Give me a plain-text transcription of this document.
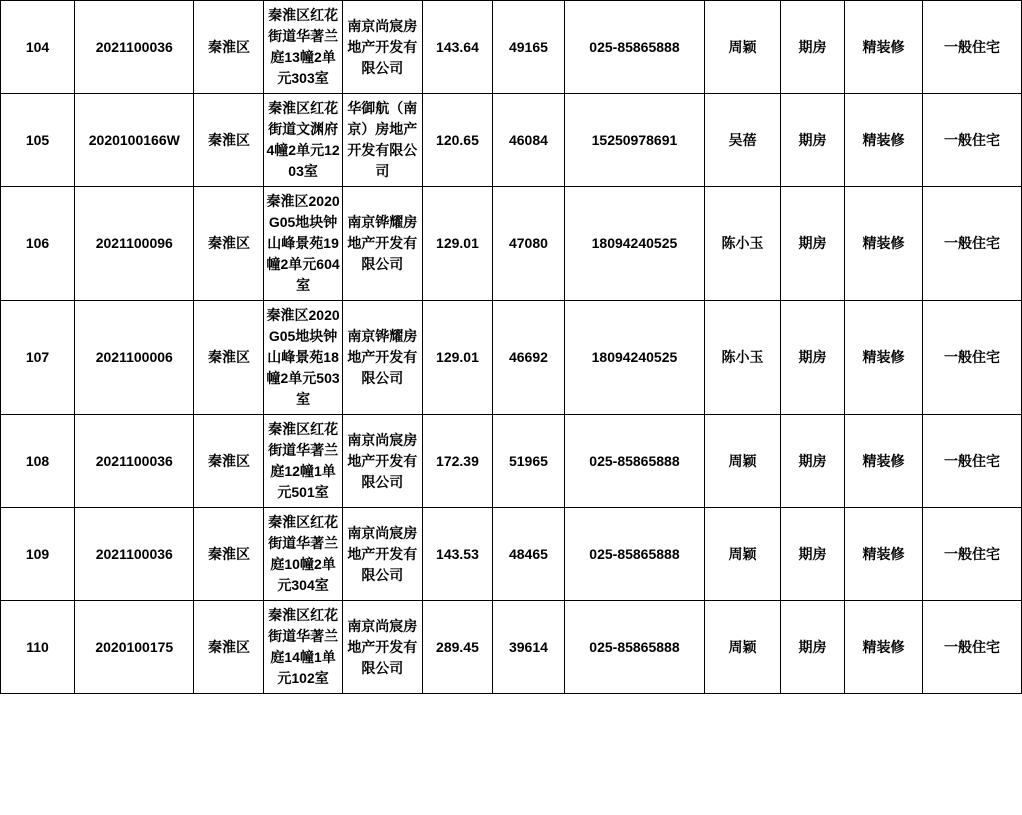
104	2021100036	秦淮区	秦淮区红花街道华著兰庭13幢2单元303室	南京尚宸房地产开发有限公司	143.64	49165	025-85865888	周颖	期房	精装修	一般住宅
105	2020100166W	秦淮区	秦淮区红花街道文渊府4幢2单元1203室	华御航（南京）房地产开发有限公司	120.65	46084	15250978691	吴蓓	期房	精装修	一般住宅
106	2021100096	秦淮区	秦淮区2020G05地块钟山峰景苑19幢2单元604室	南京铧耀房地产开发有限公司	129.01	47080	18094240525	陈小玉	期房	精装修	一般住宅
107	2021100006	秦淮区	秦淮区2020G05地块钟山峰景苑18幢2单元503室	南京铧耀房地产开发有限公司	129.01	46692	18094240525	陈小玉	期房	精装修	一般住宅
108	2021100036	秦淮区	秦淮区红花街道华著兰庭12幢1单元501室	南京尚宸房地产开发有限公司	172.39	51965	025-85865888	周颖	期房	精装修	一般住宅
109	2021100036	秦淮区	秦淮区红花街道华著兰庭10幢2单元304室	南京尚宸房地产开发有限公司	143.53	48465	025-85865888	周颖	期房	精装修	一般住宅
110	2020100175	秦淮区	秦淮区红花街道华著兰庭14幢1单元102室	南京尚宸房地产开发有限公司	289.45	39614	025-85865888	周颖	期房	精装修	一般住宅
